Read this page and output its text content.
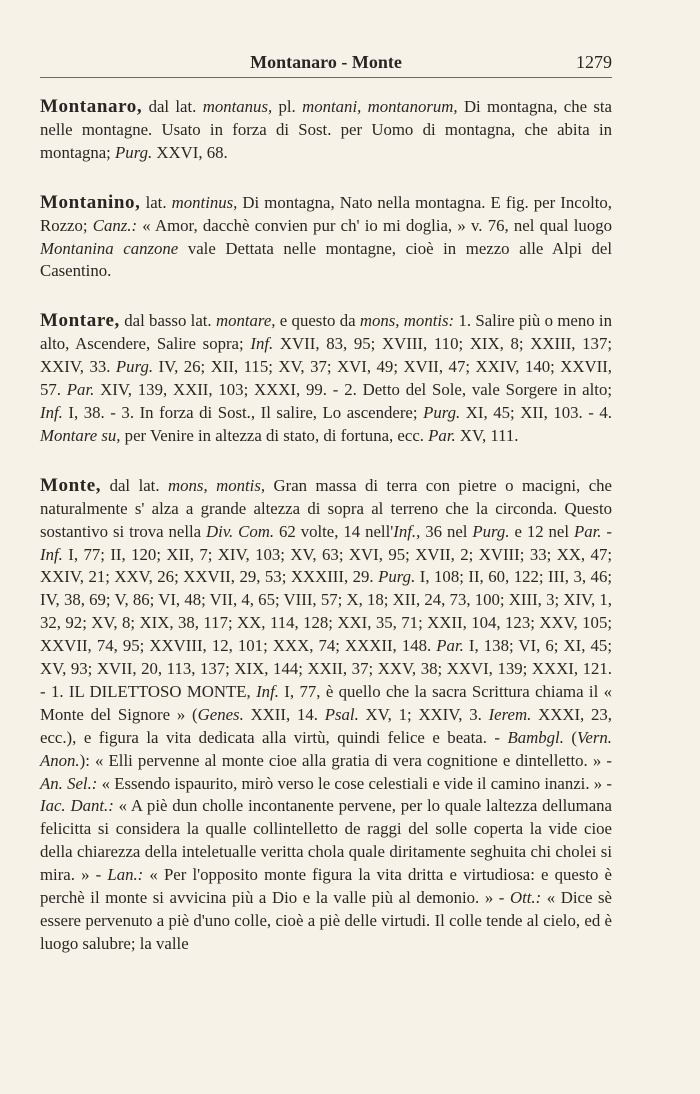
Montanaro - Monte	1279

Montanaro, dal lat. montanus, pl. montani, montanorum, Di montagna, che sta nelle montagne. Usato in forza di Sost. per Uomo di montagna, che abita in montagna; Purg. XXVI, 68.

Montanino, lat. montinus, Di montagna, Nato nella montagna. E fig. per Incolto, Rozzo; Canz.: « Amor, dacchè convien pur ch' io mi doglia, » v. 76, nel qual luogo Montanina canzone vale Dettata nelle montagne, cioè in mezzo alle Alpi del Casentino.

Montare, dal basso lat. montare, e questo da mons, montis: 1. Salire più o meno in alto, Ascendere, Salire sopra; Inf. XVII, 83, 95; XVIII, 110; XIX, 8; XXIII, 137; XXIV, 33. Purg. IV, 26; XII, 115; XV, 37; XVI, 49; XVII, 47; XXIV, 140; XXVII, 57. Par. XIV, 139, XXII, 103; XXXI, 99. - 2. Detto del Sole, vale Sorgere in alto; Inf. I, 38. - 3. In forza di Sost., Il salire, Lo ascendere; Purg. XI, 45; XII, 103. - 4. Montare su, per Venire in altezza di stato, di fortuna, ecc. Par. XV, 111.

Monte, dal lat. mons, montis, Gran massa di terra con pietre o macigni, che naturalmente s' alza a grande altezza di sopra al terreno che la circonda. Questo sostantivo si trova nella Div. Com. 62 volte, 14 nell'Inf., 36 nel Purg. e 12 nel Par. - Inf. I, 77; II, 120; XII, 7; XIV, 103; XV, 63; XVI, 95; XVII, 2; XVIII; 33; XX, 47; XXIV, 21; XXV, 26; XXVII, 29, 53; XXXIII, 29. Purg. I, 108; II, 60, 122; III, 3, 46; IV, 38, 69; V, 86; VI, 48; VII, 4, 65; VIII, 57; X, 18; XII, 24, 73, 100; XIII, 3; XIV, 1, 32, 92; XV, 8; XIX, 38, 117; XX, 114, 128; XXI, 35, 71; XXII, 104, 123; XXV, 105; XXVII, 74, 95; XXVIII, 12, 101; XXX, 74; XXXII, 148. Par. I, 138; VI, 6; XI, 45; XV, 93; XVII, 20, 113, 137; XIX, 144; XXII, 37; XXV, 38; XXVI, 139; XXXI, 121. - 1. IL DILETTOSO MONTE, Inf. I, 77, è quello che la sacra Scrittura chiama il « Monte del Signore » (Genes. XXII, 14. Psal. XV, 1; XXIV, 3. Ierem. XXXI, 23, ecc.), e figura la vita dedicata alla virtù, quindi felice e beata. - Bambgl. (Vern. Anon.): « Elli pervenne al monte cioe alla gratia di vera cognitione e dintelletto. » - An. Sel.: « Essendo ispaurito, mirò verso le cose celestiali e vide il camino inanzi. » - Iac. Dant.: « A piè dun cholle incontanente pervene, per lo quale laltezza dellumana felicitta si considera la qualle collintelletto de raggi del solle coperta la vide cioe della chiarezza della inteletualle veritta chola quale diritamente seghuita chi cholei si mira. » - Lan.: « Per l'opposito monte figura la vita dritta e virtudiosa: e questo è perchè il monte si avvicina più a Dio e la valle più al demonio. » - Ott.: « Dice sè essere pervenuto a piè d'uno colle, cioè a piè delle virtudi. Il colle tende al cielo, ed è luogo salubre; la valle
